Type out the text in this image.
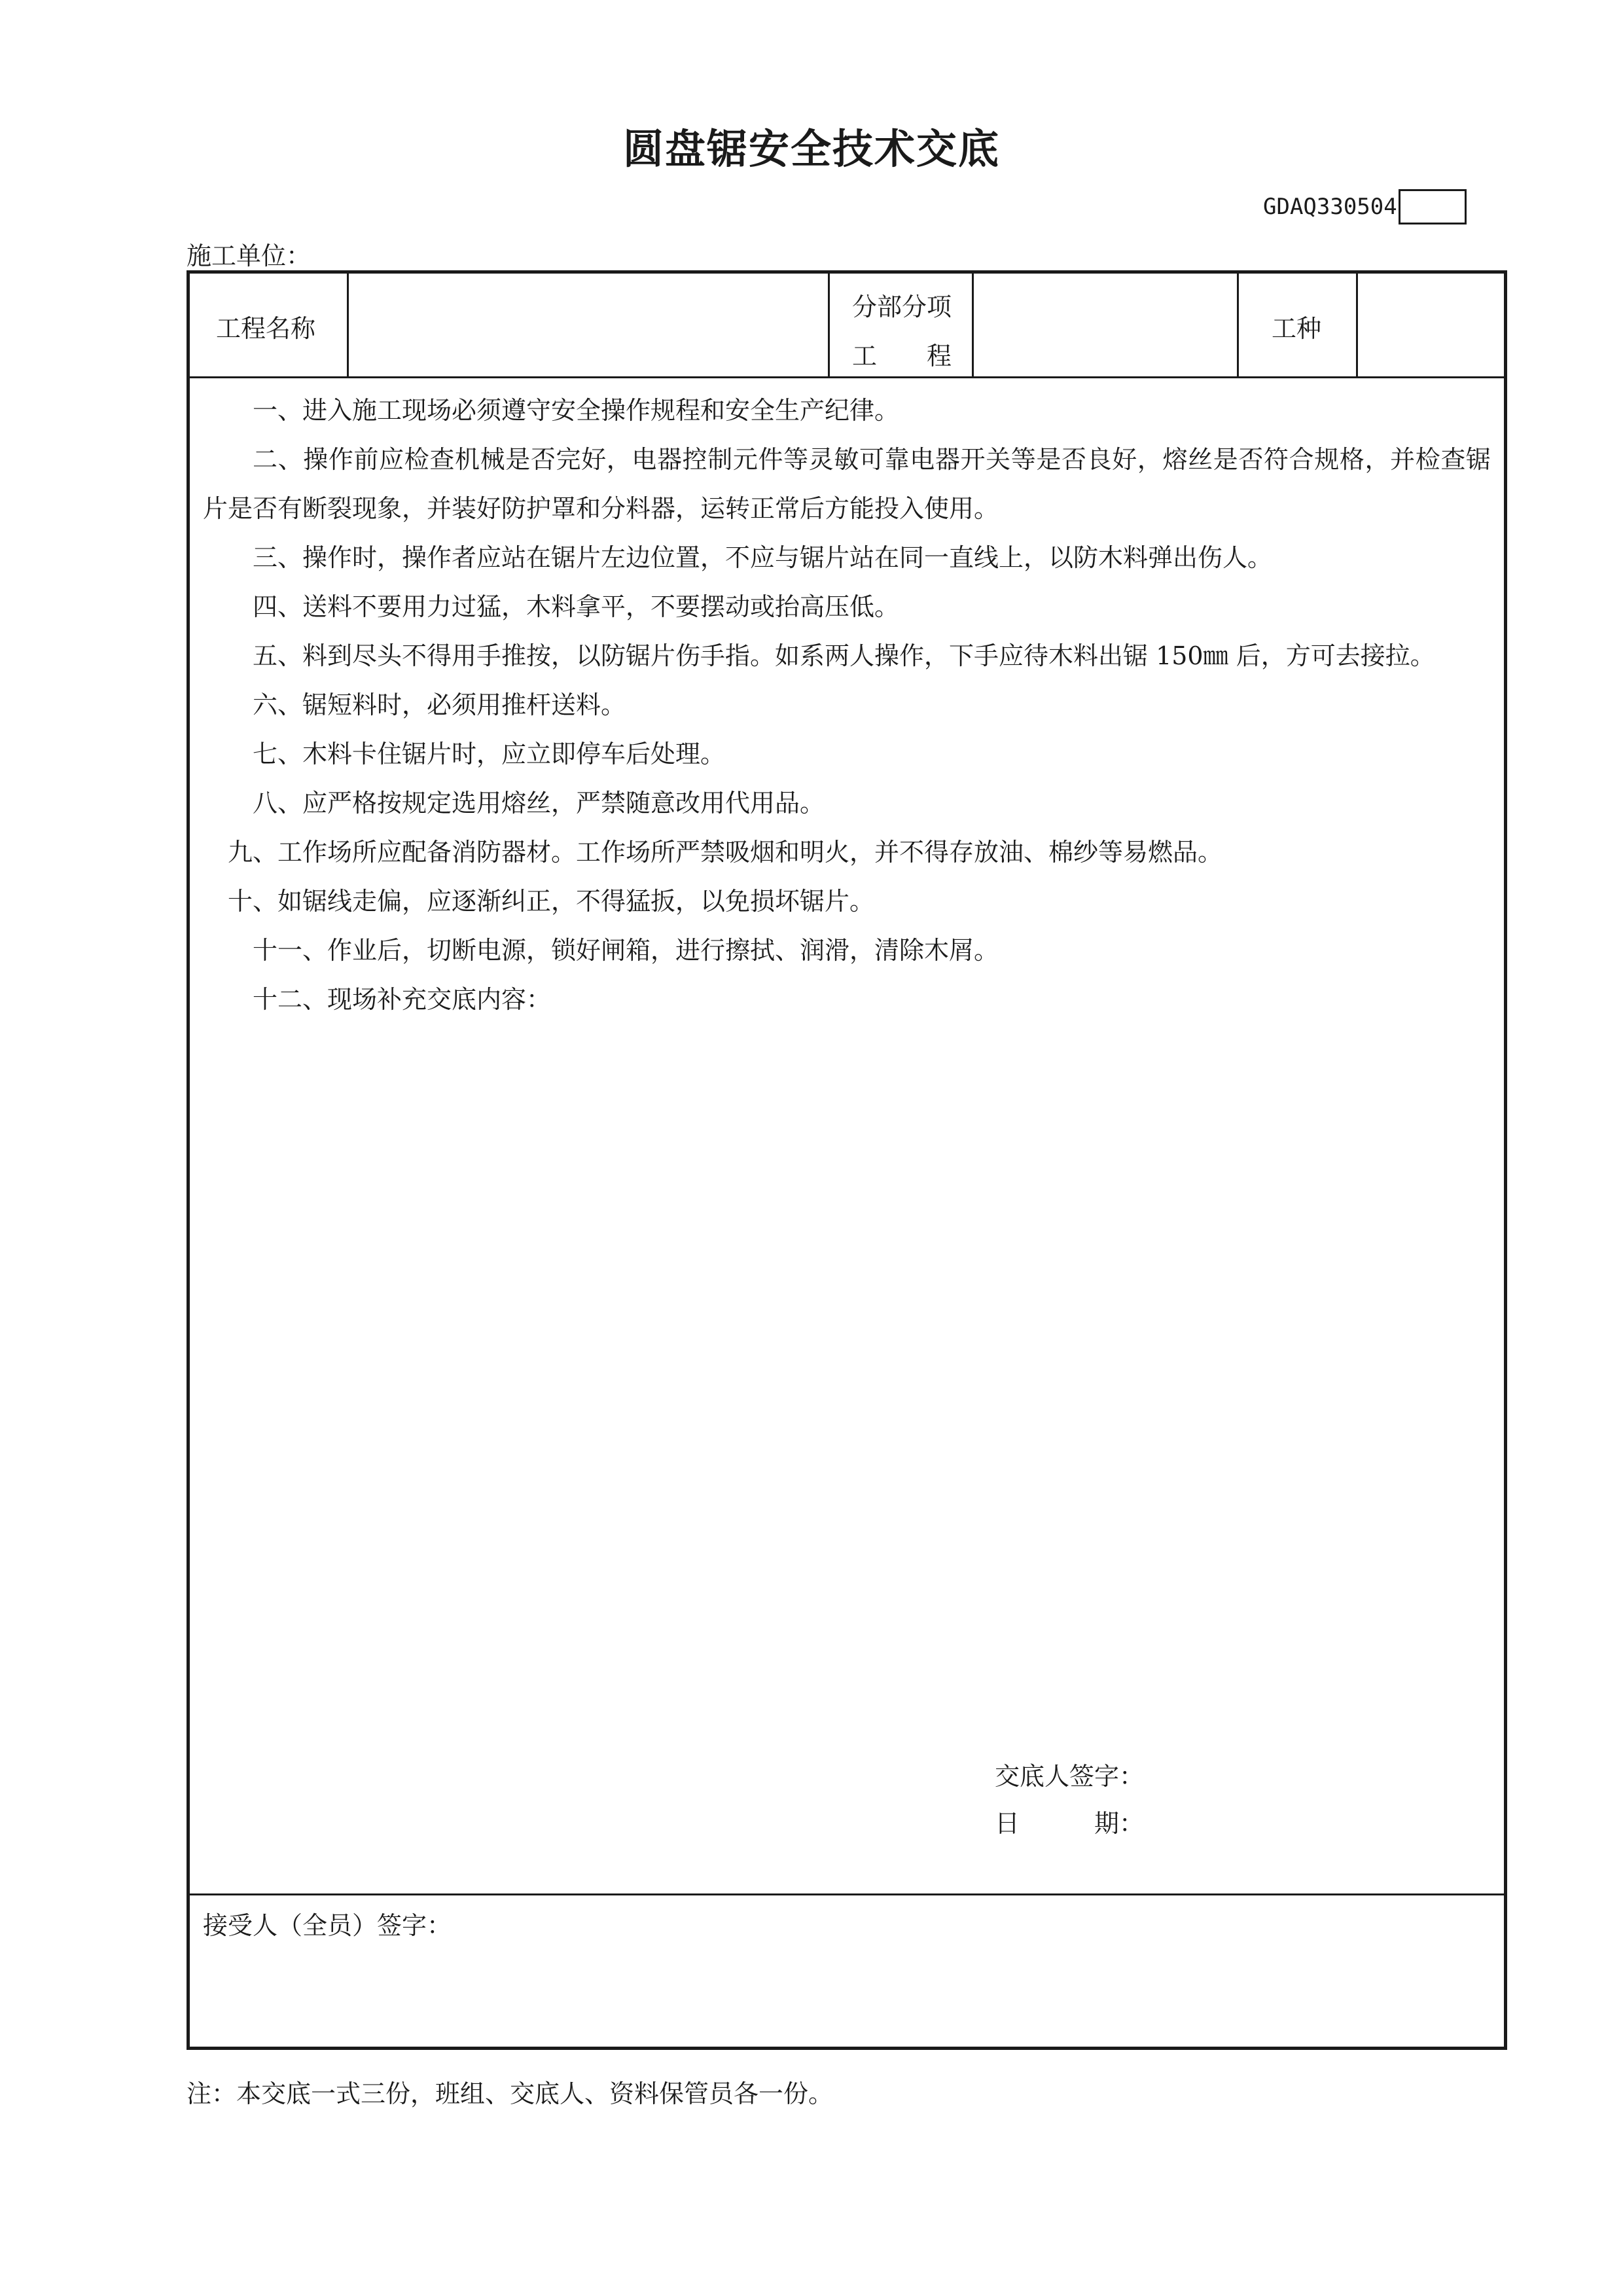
圆盘锯安全技术交底
GDAQ330504
施工单位：
工程名称
分部分项
工　　程
工种

一、进入施工现场必须遵守安全操作规程和安全生产纪律。

二、操作前应检查机械是否完好，电器控制元件等灵敏可靠电器开关等是否良好，熔丝是否符合规格，并检查锯片是否有断裂现象，并装好防护罩和分料器，运转正常后方能投入使用。

三、操作时，操作者应站在锯片左边位置，不应与锯片站在同一直线上，以防木料弹出伤人。

四、送料不要用力过猛，木料拿平，不要摆动或抬高压低。

五、料到尽头不得用手推按，以防锯片伤手指。如系两人操作，下手应待木料出锯 150㎜ 后，方可去接拉。

六、锯短料时，必须用推杆送料。

七、木料卡住锯片时，应立即停车后处理。

八、应严格按规定选用熔丝，严禁随意改用代用品。

九、工作场所应配备消防器材。工作场所严禁吸烟和明火，并不得存放油、棉纱等易燃品。

十、如锯线走偏，应逐渐纠正，不得猛扳，以免损坏锯片。

十一、作业后，切断电源，锁好闸箱，进行擦拭、润滑，清除木屑。

十二、现场补充交底内容：

交底人签字：
日　　　期：
接受人（全员）签字：
注：本交底一式三份，班组、交底人、资料保管员各一份。
